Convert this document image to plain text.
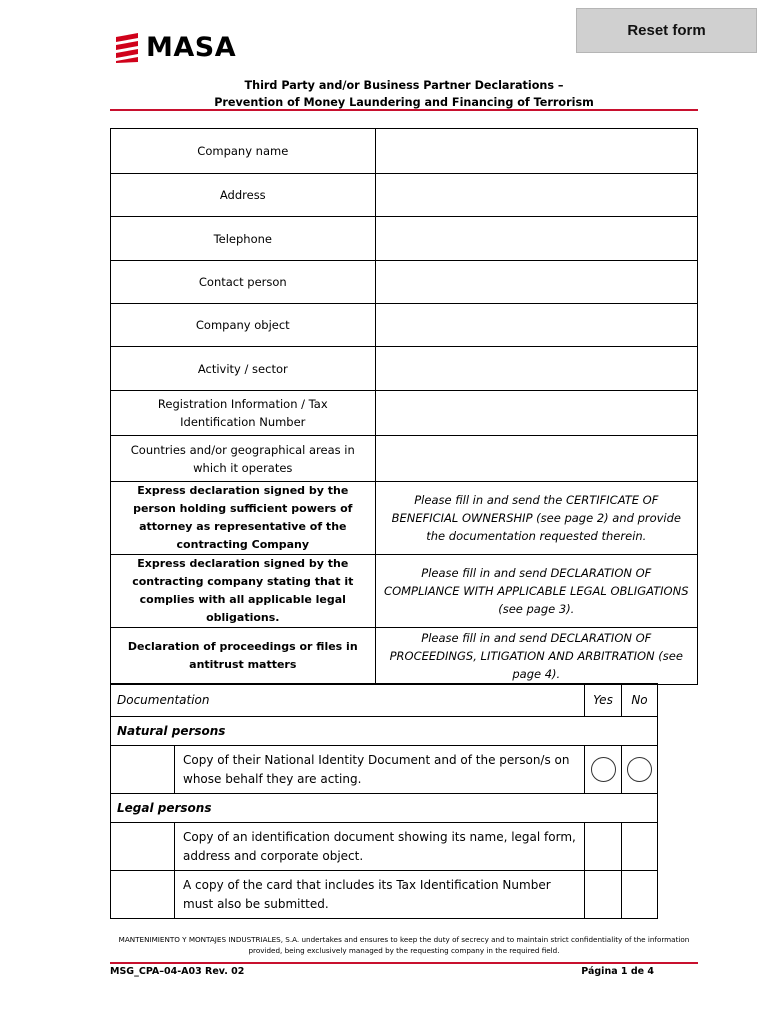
Reset form
MASA
Third Party and/or Business Partner Declarations –
Prevention of Money Laundering and Financing of Terrorism
Company name	
Address	
Telephone	
Contact person	
Company object	
Activity / sector	
Registration Information / Tax Identification Number	
Countries and/or geographical areas in which it operates	
Express declaration signed by the person holding sufficient powers of attorney as representative of the contracting Company	Please fill in and send the CERTIFICATE OF BENEFICIAL OWNERSHIP (see page 2) and provide the documentation requested therein.
Express declaration signed by the contracting company stating that it complies with all applicable legal obligations.	Please fill in and send DECLARATION OF COMPLIANCE WITH APPLICABLE LEGAL OBLIGATIONS (see page 3).
Declaration of proceedings or files in antitrust matters	Please fill in and send DECLARATION OF PROCEEDINGS, LITIGATION AND ARBITRATION (see page 4).
Documentation		Yes	No
Natural persons			
	Copy of their National Identity Document and of the person/s on whose behalf they are acting.		
Legal persons			
	Copy of an identification document showing its name, legal form, address and corporate object.		
	A copy of the card that includes its Tax Identification Number must also be submitted.		
MANTENIMIENTO Y MONTAJES INDUSTRIALES, S.A. undertakes and ensures to keep the duty of secrecy and to maintain strict confidentiality of the information provided, being exclusively managed by the requesting company in the required field.
MSG_CPA–04-A03 Rev. 02	Página 1 de 4
